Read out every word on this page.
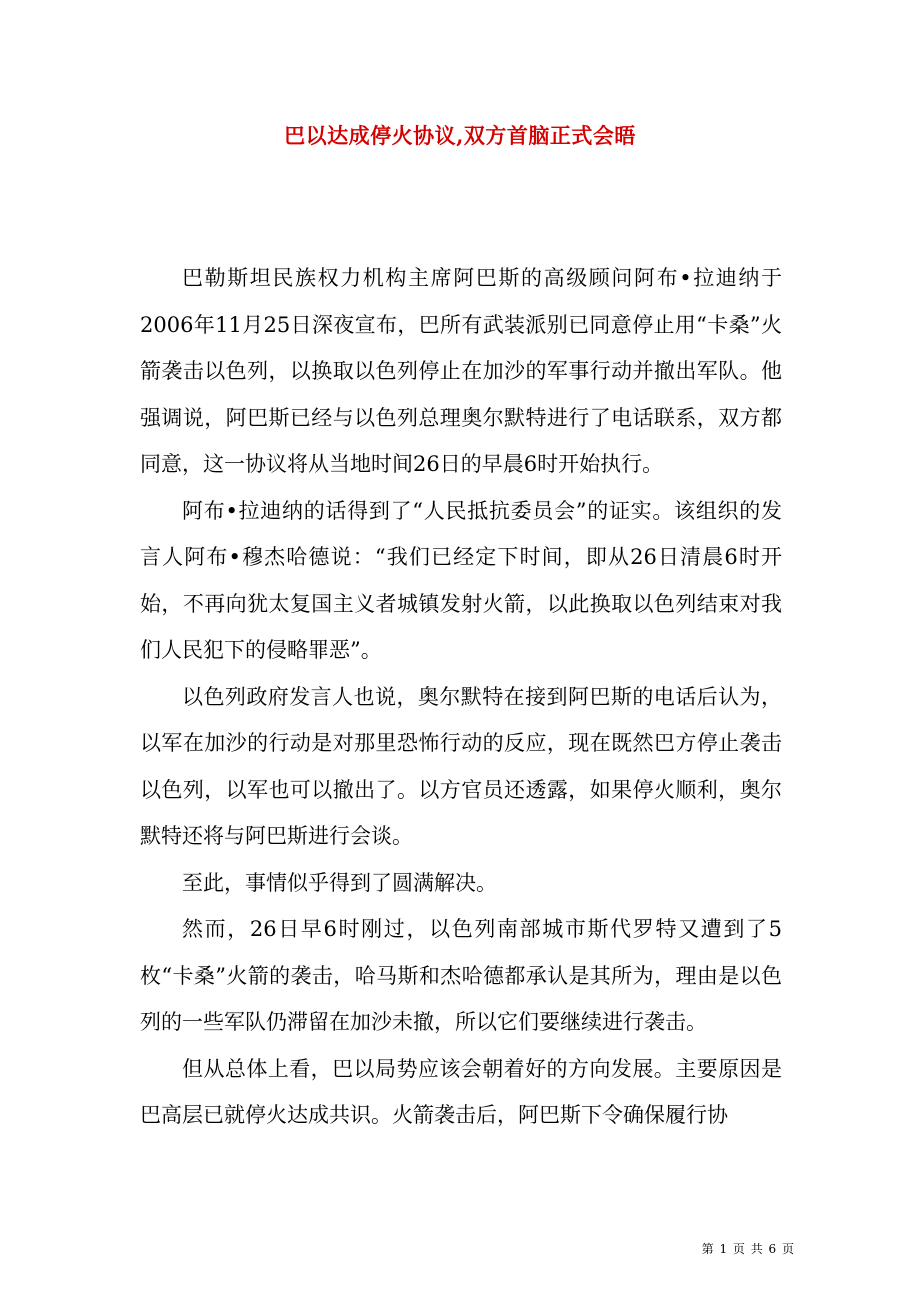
巴以达成停火协议,双方首脑正式会晤

巴勒斯坦民族权力机构主席阿巴斯的高级顾问阿布•拉迪纳于2006年11月25日深夜宣布，巴所有武装派别已同意停止用“卡桑”火箭袭击以色列，以换取以色列停止在加沙的军事行动并撤出军队。他强调说，阿巴斯已经与以色列总理奥尔默特进行了电话联系，双方都同意，这一协议将从当地时间26日的早晨6时开始执行。

阿布•拉迪纳的话得到了“人民抵抗委员会”的证实。该组织的发言人阿布•穆杰哈德说：“我们已经定下时间，即从26日清晨6时开始，不再向犹太复国主义者城镇发射火箭，以此换取以色列结束对我们人民犯下的侵略罪恶”。

以色列政府发言人也说，奥尔默特在接到阿巴斯的电话后认为，以军在加沙的行动是对那里恐怖行动的反应，现在既然巴方停止袭击以色列，以军也可以撤出了。以方官员还透露，如果停火顺利，奥尔默特还将与阿巴斯进行会谈。

至此，事情似乎得到了圆满解决。

然而，26日早6时刚过，以色列南部城市斯代罗特又遭到了5枚“卡桑”火箭的袭击，哈马斯和杰哈德都承认是其所为，理由是以色列的一些军队仍滞留在加沙未撤，所以它们要继续进行袭击。

但从总体上看，巴以局势应该会朝着好的方向发展。主要原因是巴高层已就停火达成共识。火箭袭击后，阿巴斯下令确保履行协

第 1 页 共 6 页
